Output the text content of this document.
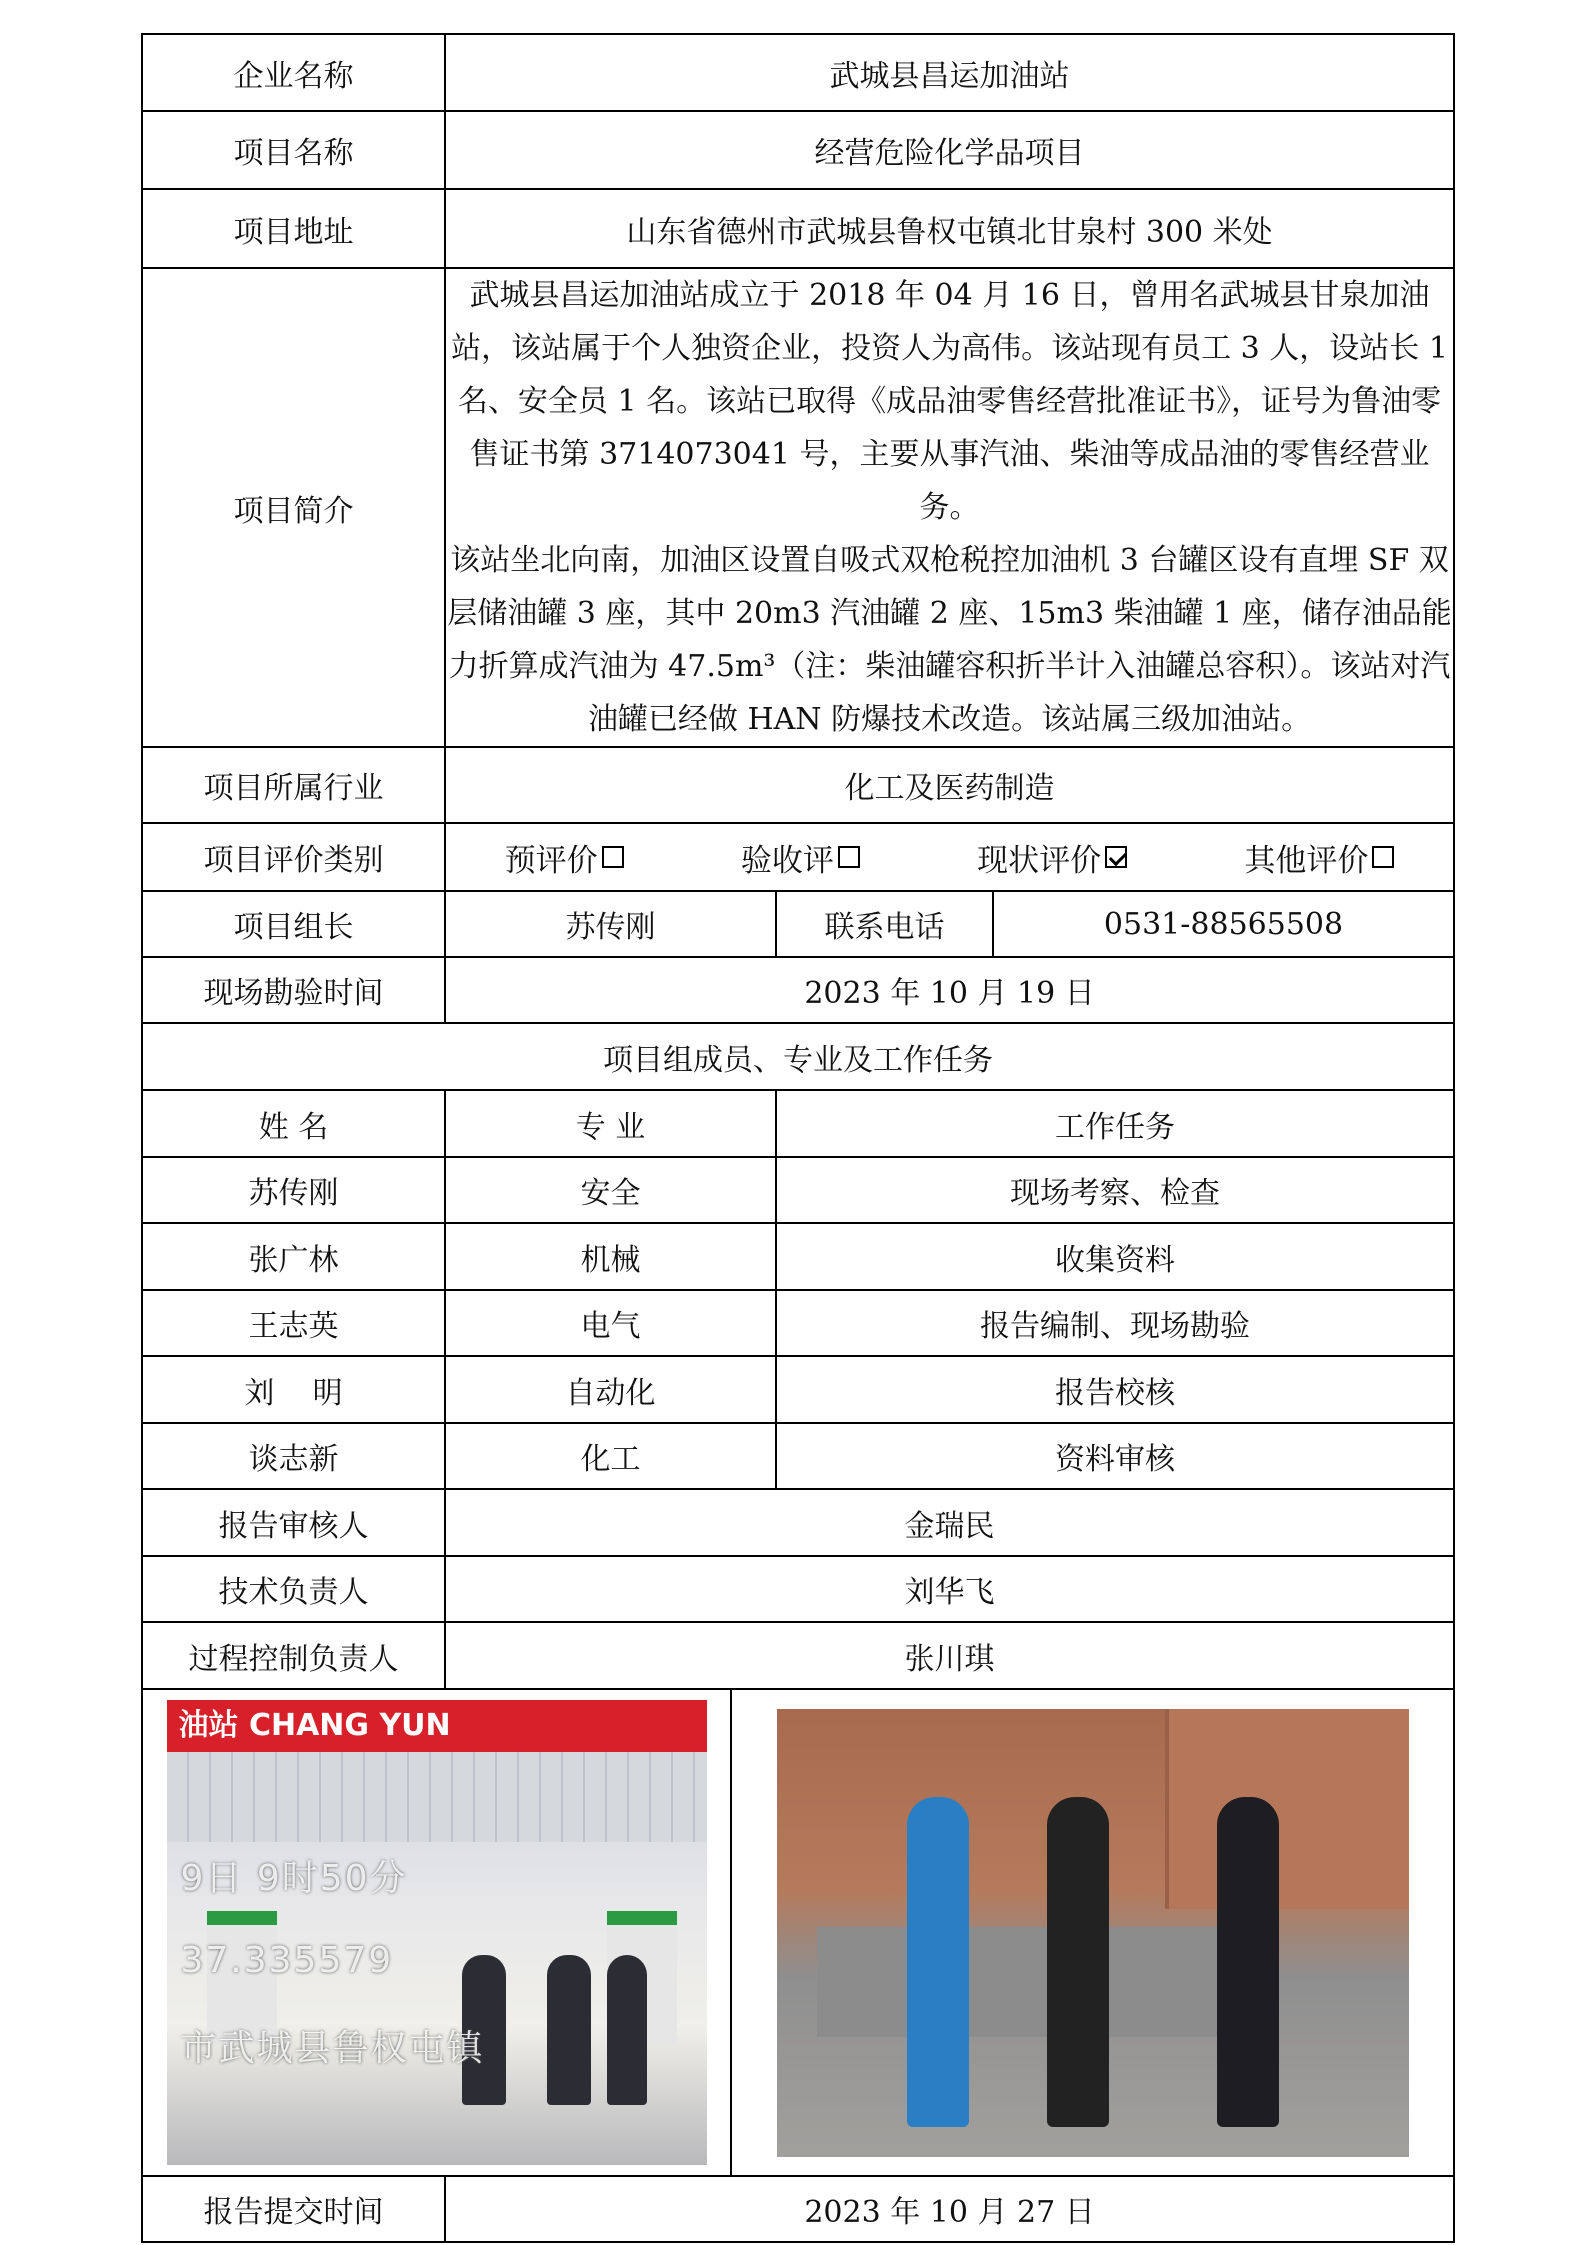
企业名称	武城县昌运加油站			
项目名称	经营危险化学品项目			
项目地址	山东省德州市武城县鲁权屯镇北甘泉村 300 米处			
项目简介	武城县昌运加油站成立于 2018 年 04 月 16 日，曾用名武城县甘泉加油站，该站属于个人独资企业，投资人为高伟。该站现有员工 3 人，设站长 1 名、安全员 1 名。该站已取得《成品油零售经营批准证书》，证号为鲁油零售证书第 3714073041 号，主要从事汽油、柴油等成品油的零售经营业务。

该站坐北向南，加油区设置自吸式双枪税控加油机 3 台罐区设有直埋 SF 双层储油罐 3 座，其中 20m3 汽油罐 2 座、15m3 柴油罐 1 座，储存油品能力折算成汽油为 47.5m³（注：柴油罐容积折半计入油罐总容积）。该站对汽油罐已经做 HAN 防爆技术改造。该站属三级加油站。			

项目所属行业	化工及医药制造			
项目评价类别	预评价 验收评 现状评价 其他评价			

项目组长	苏传刚		联系电话	0531-88565508
现场勘验时间	2023 年 10 月 19 日			
项目组成员、专业及工作任务				
姓 名	专 业		工作任务	
苏传刚	安全		现场考察、检查	
张广林	机械		收集资料	
王志英	电气		报告编制、现场勘验	
刘    明	自动化		报告校核	
谈志新	化工		资料审核	
报告审核人	金瑞民			
技术负责人	刘华飞			
过程控制负责人	张川琪			

油站 CHANG YUN
9日 9时50分
37.335579
市武城县鲁权屯镇				

报告提交时间	2023 年 10 月 27 日			
